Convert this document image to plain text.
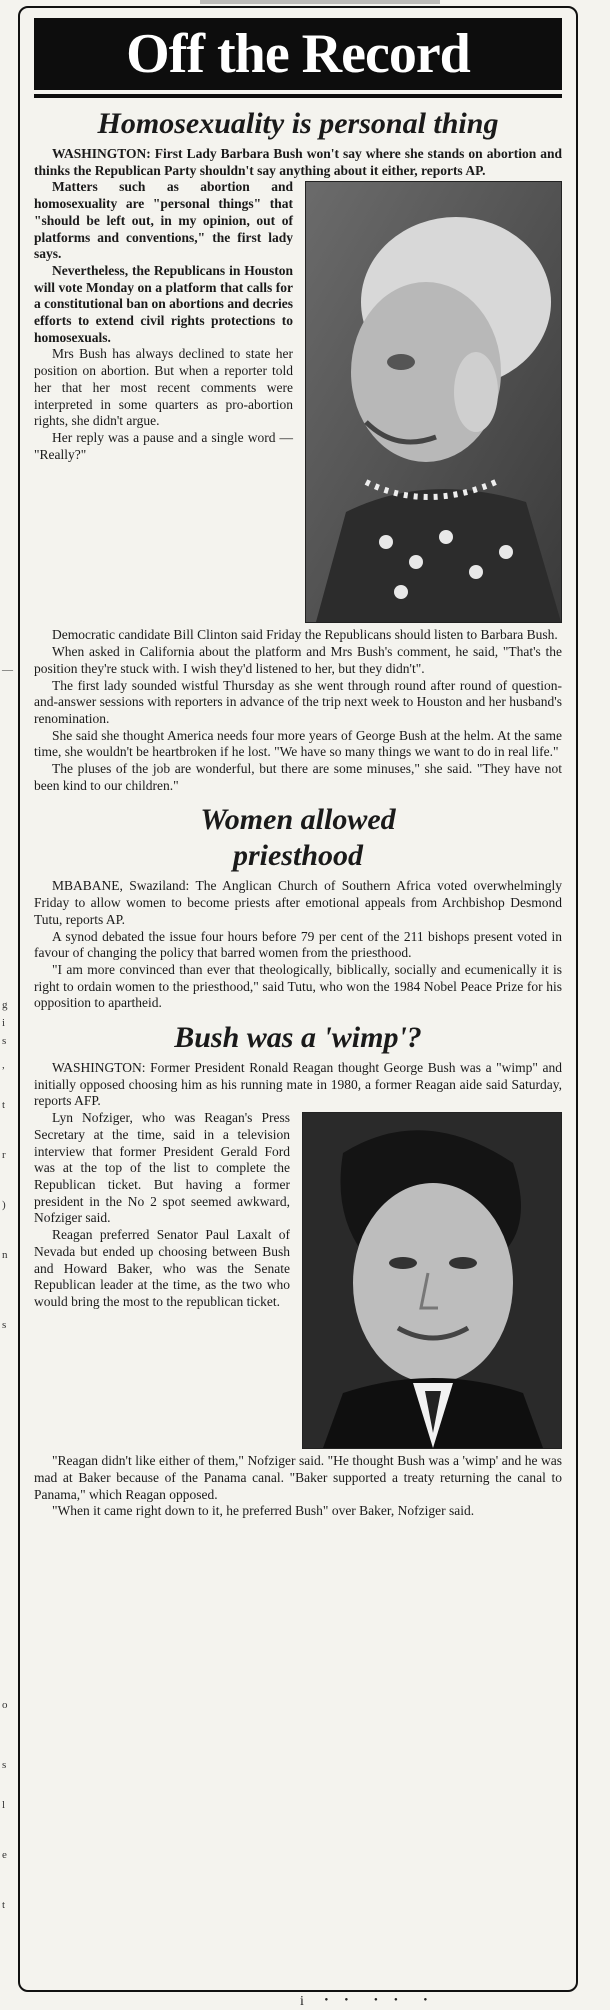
—
g
i
s
,
t
r
)
n
s
o
s
l
e
t
Off the Record
Homosexuality is personal thing

WASHINGTON: First Lady Barbara Bush won't say where she stands on abortion and thinks the Republican Party shouldn't say anything about it either, reports AP.

Matters such as abortion and homosexuality are "personal things" that "should be left out, in my opinion, out of platforms and conventions," the first lady says.

Nevertheless, the Republicans in Houston will vote Monday on a platform that calls for a constitutional ban on abortions and decries efforts to extend civil rights protections to homosexuals.

Mrs Bush has always declined to state her position on abortion. But when a reporter told her that her most recent comments were interpreted in some quarters as pro-abortion rights, she didn't argue.

Her reply was a pause and a single word — "Really?"

Democratic candidate Bill Clinton said Friday the Republicans should listen to Barbara Bush.

When asked in California about the platform and Mrs Bush's comment, he said, "That's the position they're stuck with. I wish they'd listened to her, but they didn't".

The first lady sounded wistful Thursday as she went through round after round of question-and-answer sessions with reporters in advance of the trip next week to Houston and her husband's renomination.

She said she thought America needs four more years of George Bush at the helm. At the same time, she wouldn't be heartbroken if he lost. "We have so many things we want to do in real life."

The pluses of the job are wonderful, but there are some minuses," she said. "They have not been kind to our children."

Women allowed priesthood

MBABANE, Swaziland: The Anglican Church of Southern Africa voted overwhelmingly Friday to allow women to become priests after emotional appeals from Archbishop Desmond Tutu, reports AP.

A synod debated the issue four hours before 79 per cent of the 211 bishops present voted in favour of changing the policy that barred women from the priesthood.

"I am more convinced than ever that theologically, biblically, socially and ecumenically it is right to ordain women to the priesthood," said Tutu, who won the 1984 Nobel Peace Prize for his opposition to apartheid.

Bush was a 'wimp'?

WASHINGTON: Former President Ronald Reagan thought George Bush was a "wimp" and initially opposed choosing him as his running mate in 1980, a former Reagan aide said Saturday, reports AFP.

Lyn Nofziger, who was Reagan's Press Secretary at the time, said in a television interview that former President Gerald Ford was at the top of the list to complete the Republican ticket. But having a former president in the No 2 spot seemed awkward, Nofziger said.

Reagan preferred Senator Paul Laxalt of Nevada but ended up choosing between Bush and Howard Baker, who was the Senate Republican leader at the time, as the two who would bring the most to the republican ticket.

"Reagan didn't like either of them," Nofziger said. "He thought Bush was a 'wimp' and he was mad at Baker because of the Panama canal. "Baker supported a treaty returning the canal to Panama," which Reagan opposed.

"When it came right down to it, he preferred Bush" over Baker, Nofziger said.

i ・・ ・・ ・
